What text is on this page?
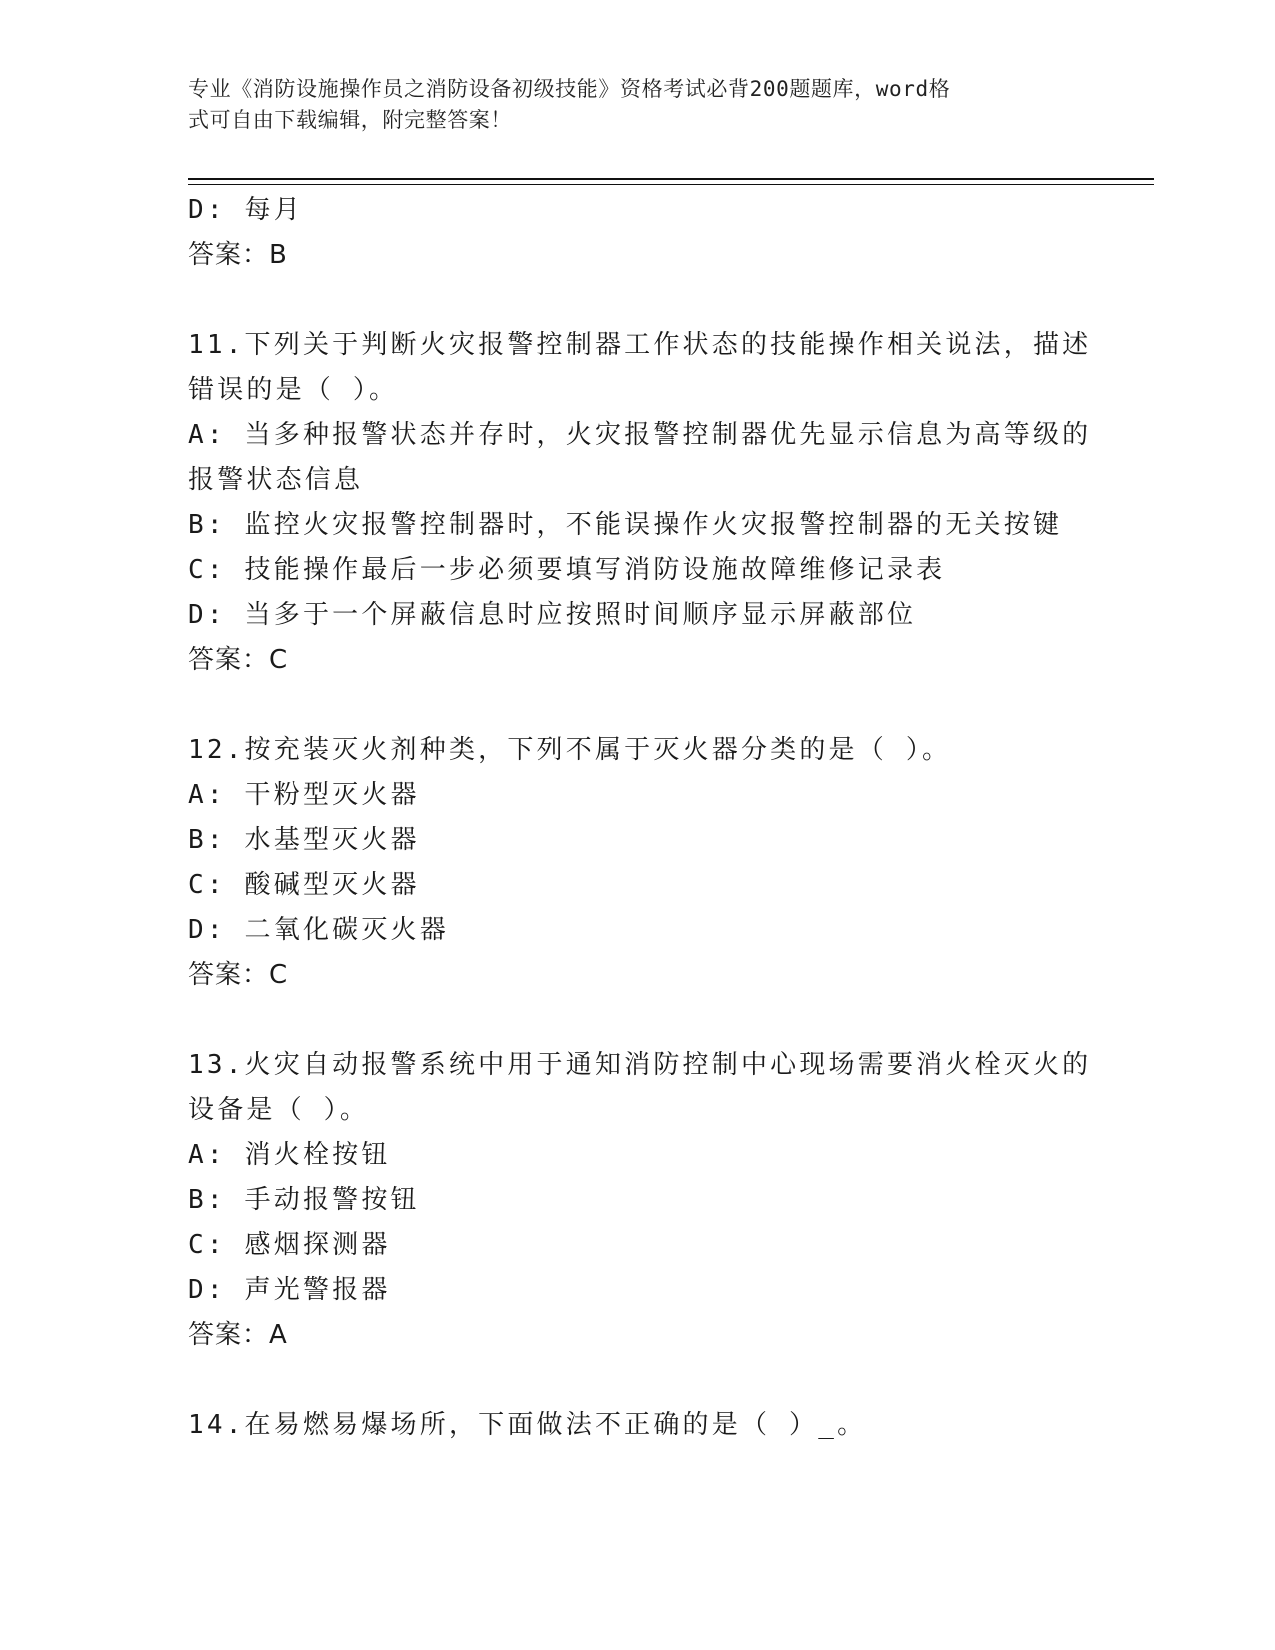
专业《消防设施操作员之消防设备初级技能》资格考试必背200题题库，word格
式可自由下载编辑，附完整答案！

D: 每月

答案：B

11.下列关于判断火灾报警控制器工作状态的技能操作相关说法，描述

错误的是（ ）。

A: 当多种报警状态并存时，火灾报警控制器优先显示信息为高等级的

报警状态信息

B: 监控火灾报警控制器时，不能误操作火灾报警控制器的无关按键

C: 技能操作最后一步必须要填写消防设施故障维修记录表

D: 当多于一个屏蔽信息时应按照时间顺序显示屏蔽部位

答案：C

12.按充装灭火剂种类，下列不属于灭火器分类的是（ ）。

A: 干粉型灭火器

B: 水基型灭火器

C: 酸碱型灭火器

D: 二氧化碳灭火器

答案：C

13.火灾自动报警系统中用于通知消防控制中心现场需要消火栓灭火的

设备是（ ）。

A: 消火栓按钮

B: 手动报警按钮

C: 感烟探测器

D: 声光警报器

答案：A

14.在易燃易爆场所，下面做法不正确的是（ ）_。
